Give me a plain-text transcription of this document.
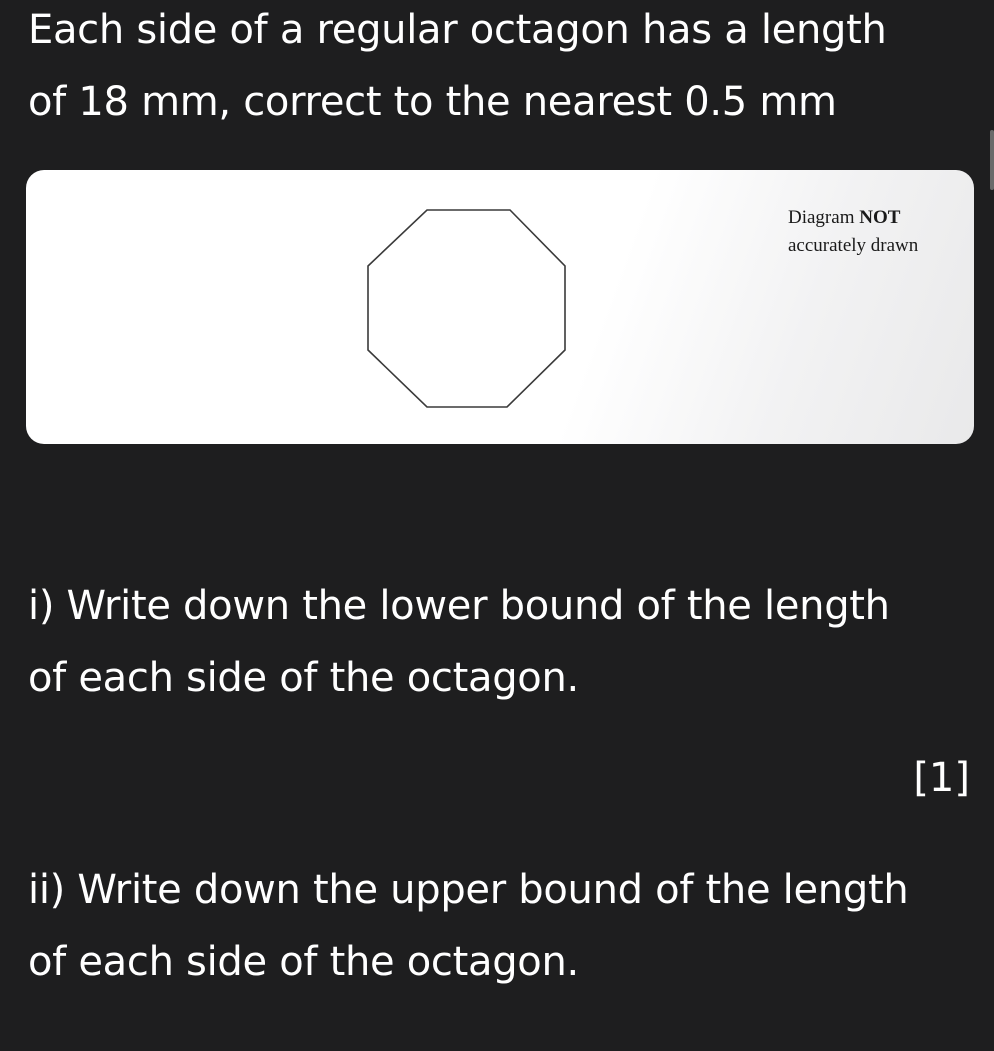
Each side of a regular octagon has a length
of 18 mm, correct to the nearest 0.5 mm
Diagram NOT
accurately drawn
i) Write down the lower bound of the length
of each side of the octagon.
[1]
ii) Write down the upper bound of the length
of each side of the octagon.
